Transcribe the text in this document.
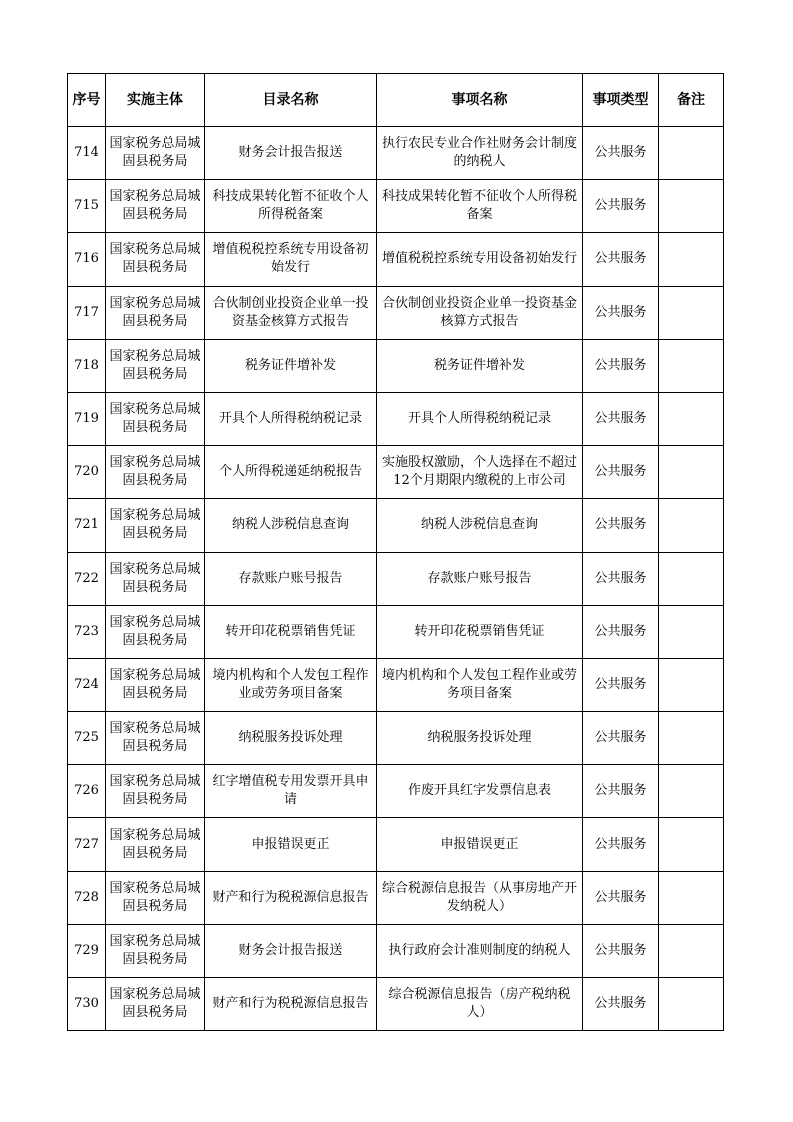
序号	实施主体	目录名称	事项名称	事项类型	备注
714	国家税务总局城固县税务局	财务会计报告报送	执行农民专业合作社财务会计制度的纳税人	公共服务	
715	国家税务总局城固县税务局	科技成果转化暂不征收个人所得税备案	科技成果转化暂不征收个人所得税备案	公共服务	
716	国家税务总局城固县税务局	增值税税控系统专用设备初始发行	增值税税控系统专用设备初始发行	公共服务	
717	国家税务总局城固县税务局	合伙制创业投资企业单一投资基金核算方式报告	合伙制创业投资企业单一投资基金核算方式报告	公共服务	
718	国家税务总局城固县税务局	税务证件增补发	税务证件增补发	公共服务	
719	国家税务总局城固县税务局	开具个人所得税纳税记录	开具个人所得税纳税记录	公共服务	
720	国家税务总局城固县税务局	个人所得税递延纳税报告	实施股权激励，个人选择在不超过12个月期限内缴税的上市公司	公共服务	
721	国家税务总局城固县税务局	纳税人涉税信息查询	纳税人涉税信息查询	公共服务	
722	国家税务总局城固县税务局	存款账户账号报告	存款账户账号报告	公共服务	
723	国家税务总局城固县税务局	转开印花税票销售凭证	转开印花税票销售凭证	公共服务	
724	国家税务总局城固县税务局	境内机构和个人发包工程作业或劳务项目备案	境内机构和个人发包工程作业或劳务项目备案	公共服务	
725	国家税务总局城固县税务局	纳税服务投诉处理	纳税服务投诉处理	公共服务	
726	国家税务总局城固县税务局	红字增值税专用发票开具申请	作废开具红字发票信息表	公共服务	
727	国家税务总局城固县税务局	申报错误更正	申报错误更正	公共服务	
728	国家税务总局城固县税务局	财产和行为税税源信息报告	综合税源信息报告（从事房地产开发纳税人）	公共服务	
729	国家税务总局城固县税务局	财务会计报告报送	执行政府会计准则制度的纳税人	公共服务	
730	国家税务总局城固县税务局	财产和行为税税源信息报告	综合税源信息报告（房产税纳税人）	公共服务	
